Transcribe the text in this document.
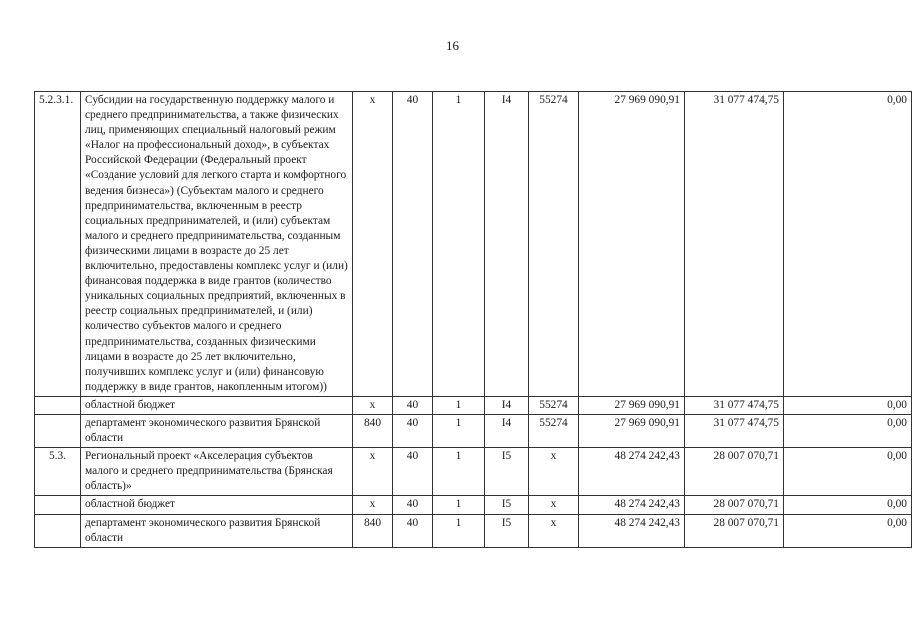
16
5.2.3.1.	Субсидии на государственную поддержку малого и среднего предпринимательства, а также физических лиц, применяющих специальный налоговый режим «Налог на профессиональный доход», в субъектах Российской Федерации (Федеральный проект «Создание условий для легкого старта и комфортного ведения бизнеса») (Субъектам малого и среднего предпринимательства, включенным в реестр социальных предпринимателей, и (или) субъектам малого и среднего предпринимательства, созданным физическими лицами в возрасте до 25 лет включительно, предоставлены комплекс услуг и (или) финансовая поддержка в виде грантов (количество уникальных социальных предприятий, включенных в реестр социальных предпринимателей, и (или) количество субъектов малого и среднего предпринимательства, созданных физическими лицами в возрасте до 25 лет включительно, получивших комплекс услуг и (или) финансовую поддержку в виде грантов, накопленным итогом))	x	40	1	I4	55274	27 969 090,91	31 077 474,75	0,00
	областной бюджет	x	40	1	I4	55274	27 969 090,91	31 077 474,75	0,00
	департамент экономического развития Брянской области	840	40	1	I4	55274	27 969 090,91	31 077 474,75	0,00
5.3.	Региональный проект «Акселерация субъектов малого и среднего предпринимательства (Брянская область)»	x	40	1	I5	x	48 274 242,43	28 007 070,71	0,00
	областной бюджет	x	40	1	I5	x	48 274 242,43	28 007 070,71	0,00
	департамент экономического развития Брянской области	840	40	1	I5	x	48 274 242,43	28 007 070,71	0,00
